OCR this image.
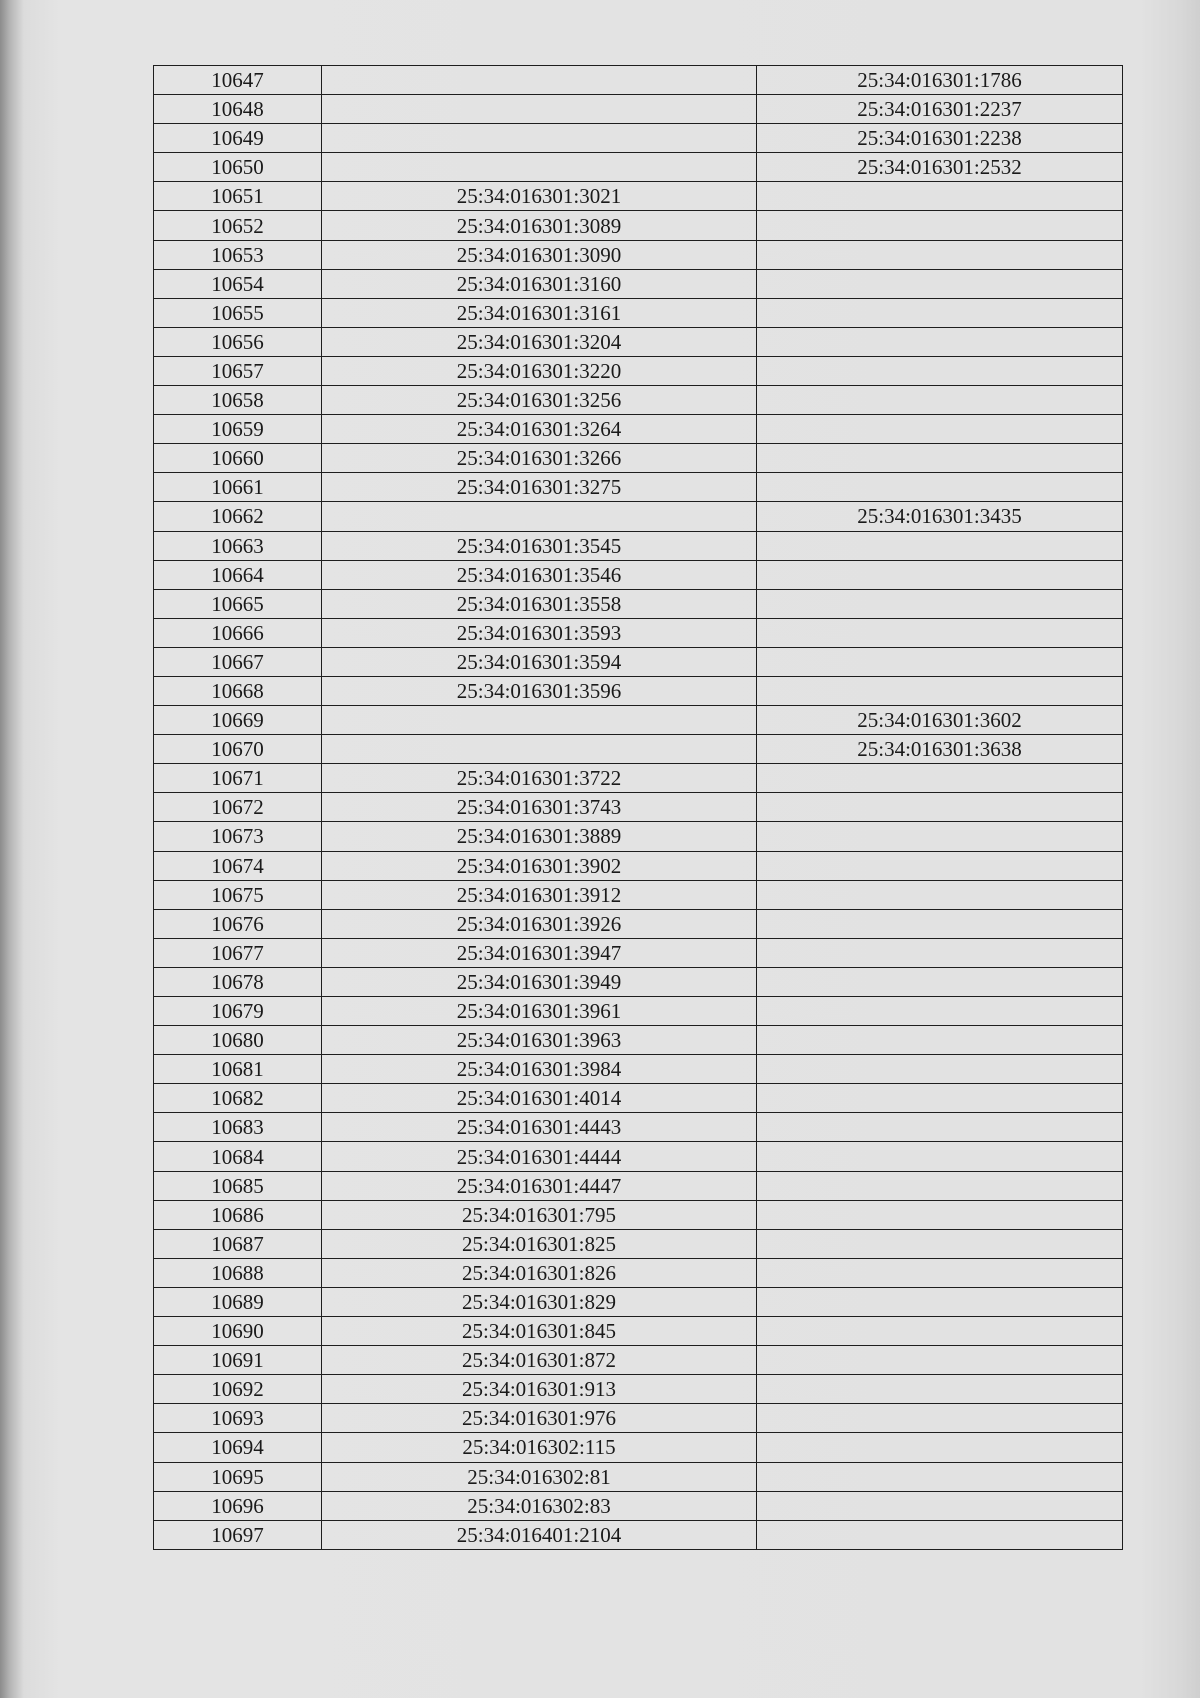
10647		25:34:016301:1786
10648		25:34:016301:2237
10649		25:34:016301:2238
10650		25:34:016301:2532
10651	25:34:016301:3021	
10652	25:34:016301:3089	
10653	25:34:016301:3090	
10654	25:34:016301:3160	
10655	25:34:016301:3161	
10656	25:34:016301:3204	
10657	25:34:016301:3220	
10658	25:34:016301:3256	
10659	25:34:016301:3264	
10660	25:34:016301:3266	
10661	25:34:016301:3275	
10662		25:34:016301:3435
10663	25:34:016301:3545	
10664	25:34:016301:3546	
10665	25:34:016301:3558	
10666	25:34:016301:3593	
10667	25:34:016301:3594	
10668	25:34:016301:3596	
10669		25:34:016301:3602
10670		25:34:016301:3638
10671	25:34:016301:3722	
10672	25:34:016301:3743	
10673	25:34:016301:3889	
10674	25:34:016301:3902	
10675	25:34:016301:3912	
10676	25:34:016301:3926	
10677	25:34:016301:3947	
10678	25:34:016301:3949	
10679	25:34:016301:3961	
10680	25:34:016301:3963	
10681	25:34:016301:3984	
10682	25:34:016301:4014	
10683	25:34:016301:4443	
10684	25:34:016301:4444	
10685	25:34:016301:4447	
10686	25:34:016301:795	
10687	25:34:016301:825	
10688	25:34:016301:826	
10689	25:34:016301:829	
10690	25:34:016301:845	
10691	25:34:016301:872	
10692	25:34:016301:913	
10693	25:34:016301:976	
10694	25:34:016302:115	
10695	25:34:016302:81	
10696	25:34:016302:83	
10697	25:34:016401:2104	
